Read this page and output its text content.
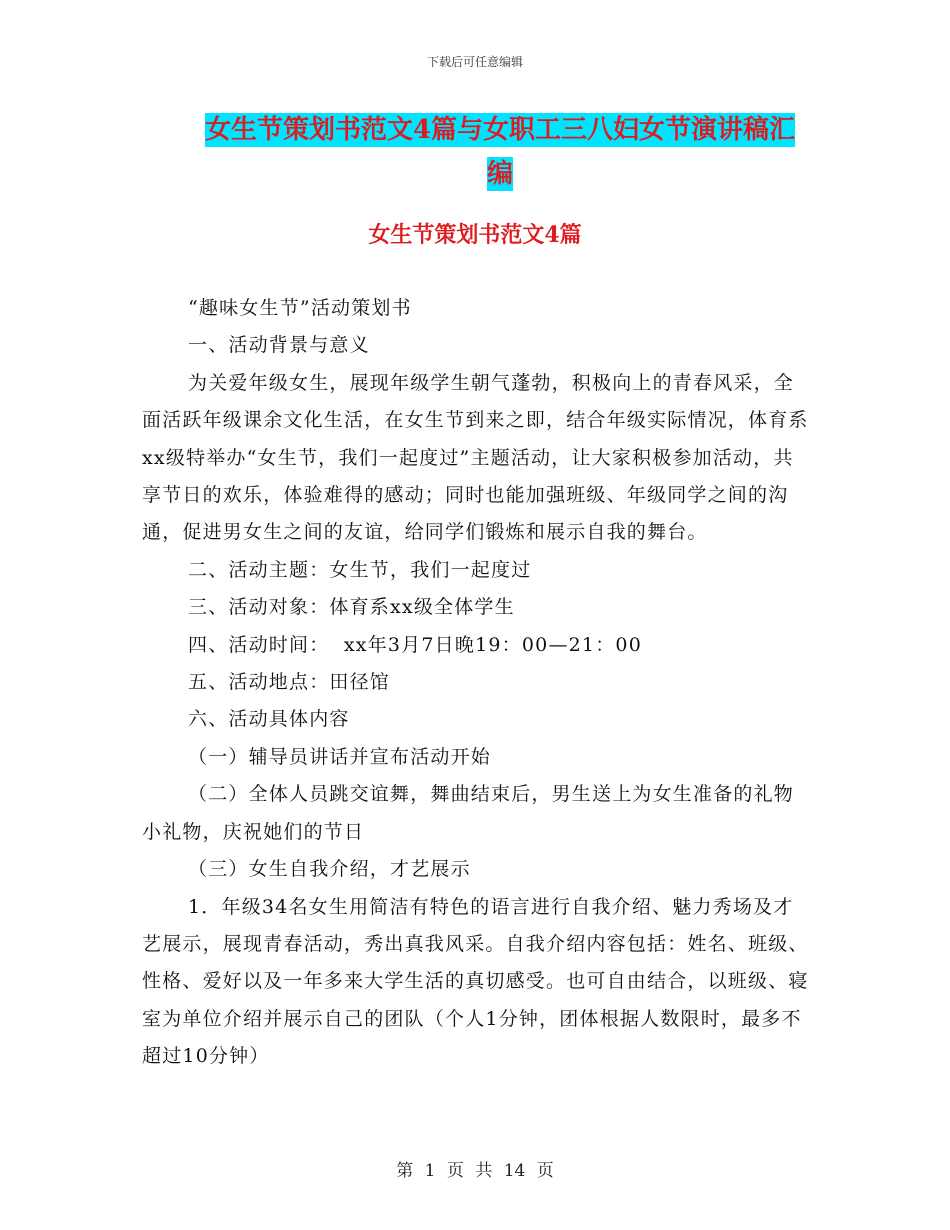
下载后可任意编辑
女生节策划书范文4篇与女职工三八妇女节演讲稿汇
编
女生节策划书范文4篇

“趣味女生节”活动策划书

一、活动背景与意义

为关爱年级女生，展现年级学生朝气蓬勃，积极向上的青春风采，全面活跃年级课余文化生活，在女生节到来之即，结合年级实际情况，体育系xx级特举办“女生节，我们一起度过”主题活动，让大家积极参加活动，共享节日的欢乐，体验难得的感动；同时也能加强班级、年级同学之间的沟通，促进男女生之间的友谊，给同学们锻炼和展示自我的舞台。

二、活动主题：女生节，我们一起度过

三、活动对象：体育系xx级全体学生

四、活动时间：  xx年3月7日晚19：00—21：00

五、活动地点：田径馆

六、活动具体内容

（一）辅导员讲话并宣布活动开始

（二）全体人员跳交谊舞，舞曲结束后，男生送上为女生准备的礼物小礼物，庆祝她们的节日

（三）女生自我介绍，才艺展示

1．年级34名女生用简洁有特色的语言进行自我介绍、魅力秀场及才艺展示，展现青春活动，秀出真我风采。自我介绍内容包括：姓名、班级、性格、爱好以及一年多来大学生活的真切感受。也可自由结合，以班级、寝室为单位介绍并展示自己的团队（个人1分钟，团体根据人数限时，最多不超过10分钟）

第 1 页 共 14 页
